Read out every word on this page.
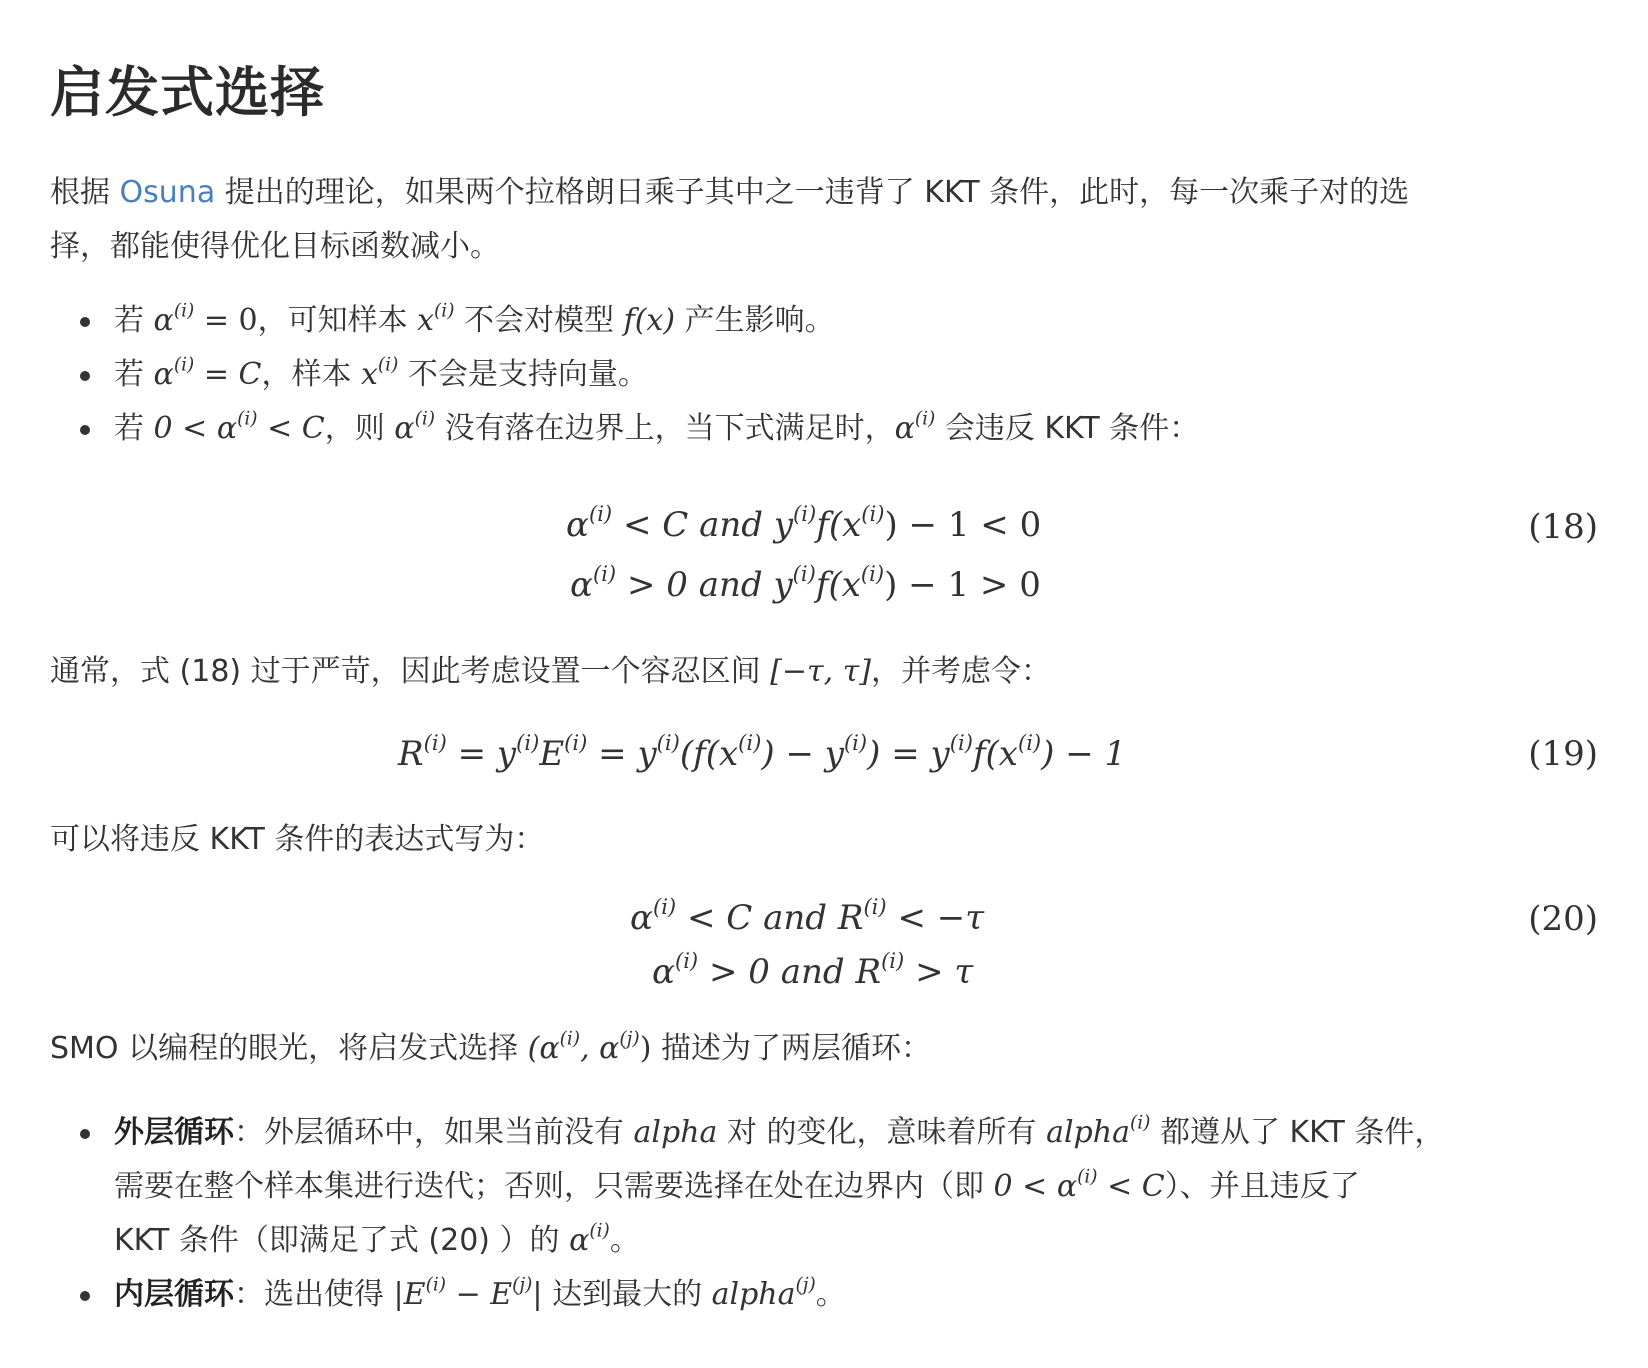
启发式选择
根据 Osuna 提出的理论，如果两个拉格朗日乘子其中之一违背了 KKT 条件，此时，每一次乘子对的选
择，都能使得优化目标函数减小。
若 $\alpha^{(i)} = 0$，可知样本 $x^{(i)}$ 不会对模型 f(x) 产生影响。
若 $\alpha^{(i)} = C$，样本 $x^{(i)}$ 不会是支持向量。
若 $0 < \alpha^{(i)} < C$，则 $\alpha^{(i)}$ 没有落在边界上，当下式满足时，$\alpha^{(i)}$ 会违反 KKT 条件：
$\alpha^{(i)} < C$ and $y^{(i)}f(x^{(i)}) - 1 < 0$
$\alpha^{(i)} > 0$ and $y^{(i)}f(x^{(i)}) - 1 > 0$
(18)
通常，式 (18) 过于严苛，因此考虑设置一个容忍区间 [−τ, τ]，并考虑令：
$R^{(i)} = y^{(i)}E^{(i)} = y^{(i)}(f(x^{(i)}) - y^{(i)}) = y^{(i)}f(x^{(i)}) - 1$	(19)
可以将违反 KKT 条件的表达式写为：
$\alpha^{(i)} < C$ and $R^{(i)} < -\tau$
$\alpha^{(i)} > 0$ and $R^{(i)} > \tau$
(20)
SMO 以编程的眼光，将启发式选择 ($\alpha^{(i)}$, $\alpha^{(j)}$) 描述为了两层循环：
外层循环：外层循环中，如果当前没有 alpha 对 的变化，意味着所有 alpha$^{(i)}$ 都遵从了 KKT 条件，
需要在整个样本集进行迭代；否则，只需要选择在处在边界内（即 $0 < \alpha^{(i)} < C$）、并且违反了
KKT 条件（即满足了式 (20) ）的 $\alpha^{(i)}$。
内层循环：选出使得 $|E^{(i)} - E^{(j)}|$ 达到最大的 alpha$^{(j)}$。
